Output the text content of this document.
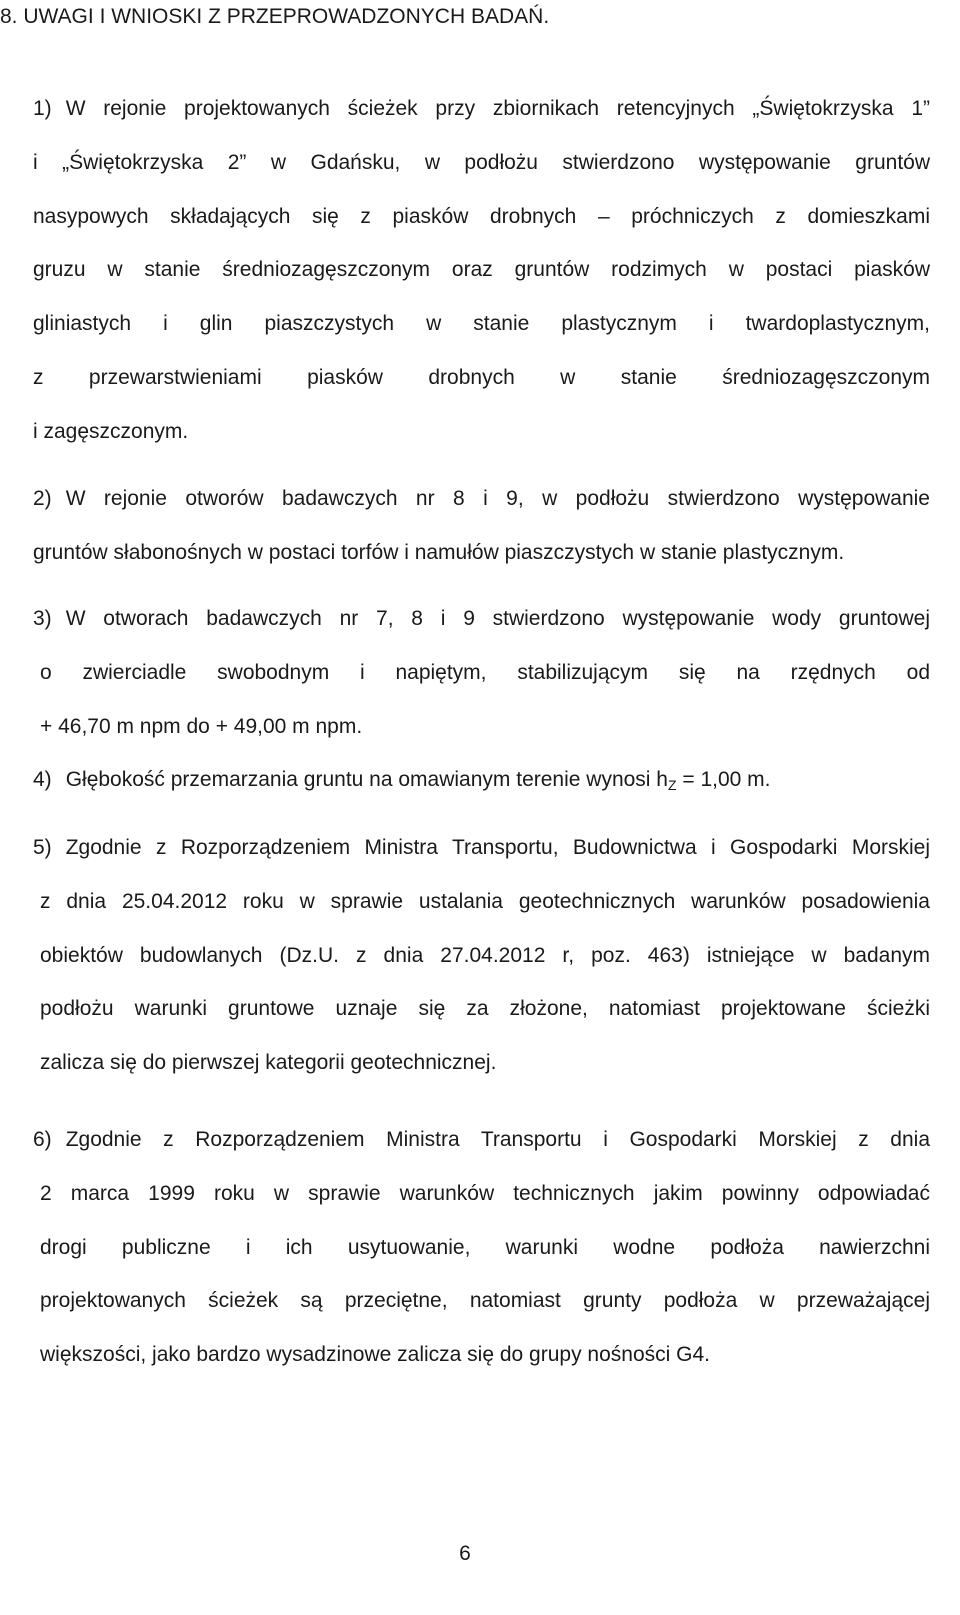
8. UWAGI I WNIOSKI Z PRZEPROWADZONYCH BADAŃ.
1) W rejonie projektowanych ścieżek przy zbiornikach retencyjnych „Świętokrzyska 1”
i „Świętokrzyska 2” w Gdańsku, w podłożu stwierdzono występowanie gruntów
nasypowych składających się z piasków drobnych – próchniczych z domieszkami
gruzu w stanie średniozagęszczonym oraz gruntów rodzimych w postaci piasków
gliniastych i glin piaszczystych w stanie plastycznym i twardoplastycznym,
z przewarstwieniami piasków drobnych w stanie średniozagęszczonym
i zagęszczonym.
2) W rejonie otworów badawczych nr 8 i 9, w podłożu stwierdzono występowanie
gruntów słabonośnych w postaci torfów i namułów piaszczystych w stanie plastycznym.
3) W otworach badawczych nr 7, 8 i 9 stwierdzono występowanie wody gruntowej
o zwierciadle swobodnym i napiętym, stabilizującym się na rzędnych od
+ 46,70 m npm do + 49,00 m npm.
4) Głębokość przemarzania gruntu na omawianym terenie wynosi $h_Z = 1,00$ m.
5) Zgodnie z Rozporządzeniem Ministra Transportu, Budownictwa i Gospodarki Morskiej
z dnia 25.04.2012 roku w sprawie ustalania geotechnicznych warunków posadowienia
obiektów budowlanych (Dz.U. z dnia 27.04.2012 r, poz. 463) istniejące w badanym
podłożu warunki gruntowe uznaje się za złożone, natomiast projektowane ścieżki
zalicza się do pierwszej kategorii geotechnicznej.
6) Zgodnie z Rozporządzeniem Ministra Transportu i Gospodarki Morskiej z dnia
2 marca 1999 roku w sprawie warunków technicznych jakim powinny odpowiadać
drogi publiczne i ich usytuowanie, warunki wodne podłoża nawierzchni
projektowanych ścieżek są przeciętne, natomiast grunty podłoża w przeważającej
większości, jako bardzo wysadzinowe zalicza się do grupy nośności G4.
6
